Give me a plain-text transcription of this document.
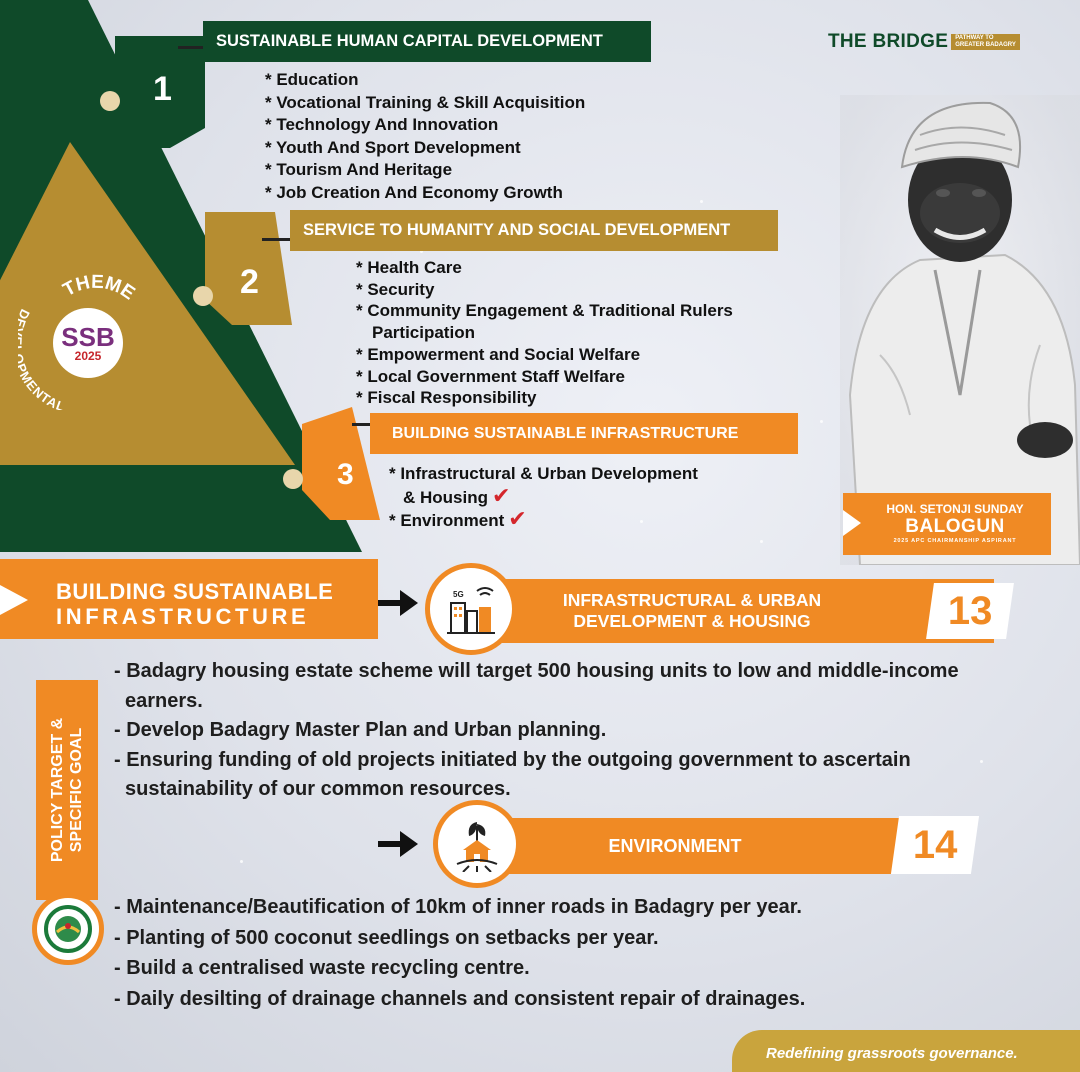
1
2
3
THEME
MENTAL
SSB
2025
SUSTAINABLE HUMAN CAPITAL DEVELOPMENT
SERVICE TO HUMANITY AND SOCIAL DEVELOPMENT
BUILDING SUSTAINABLE INFRASTRUCTURE
* Education
* Vocational Training & Skill Acquisition
* Technology And Innovation
* Youth And Sport Development
* Tourism And Heritage
* Job Creation And Economy Growth
* Health Care
* Security
* Community Engagement & Traditional Rulers
Participation
* Empowerment and Social Welfare
* Local Government Staff Welfare
* Fiscal Responsibility
* Infrastructural & Urban Development
& Housing ✔
* Environment ✔
THE BRIDGE PATHWAY TO
GREATER BADAGRY
HON. SETONJI SUNDAY
BALOGUN
2025 APC CHAIRMANSHIP ASPIRANT
BUILDING SUSTAINABLE
INFRASTRUCTURE
INFRASTRUCTURAL & URBAN
DEVELOPMENT & HOUSING	13
5G
POLICY TARGET & SPECIFIC GOAL
- Badagry housing estate scheme will target 500 housing units to low and middle-income
earners.
- Develop Badagry Master Plan and Urban planning.
- Ensuring funding of old projects initiated by the outgoing government to ascertain
sustainability of our common resources.
ENVIRONMENT	14
- Maintenance/Beautification of 10km of inner roads in Badagry per year.
- Planting of 500 coconut seedlings on setbacks per year.
- Build a centralised waste recycling centre.
- Daily desilting of drainage channels and consistent repair of drainages.
Redefining grassroots governance.
